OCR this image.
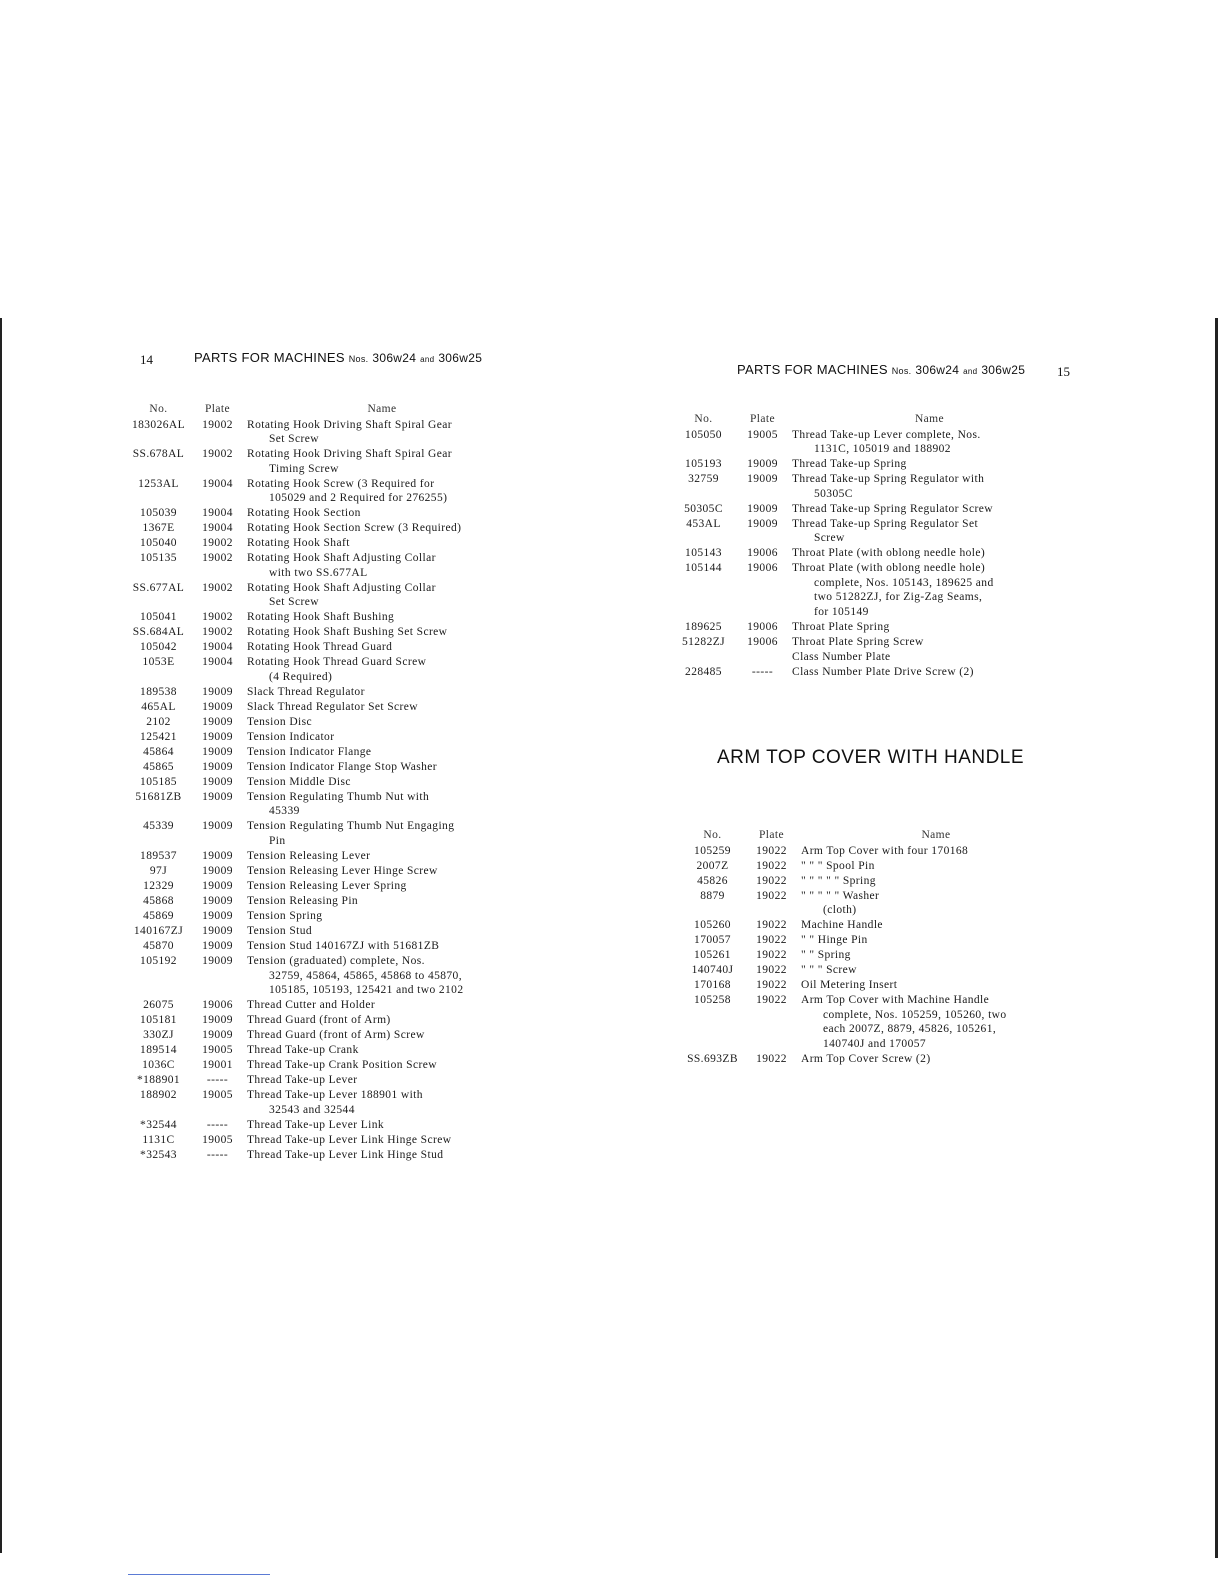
14	PARTS FOR MACHINES Nos. 306w24 and 306w25
No.	Plate	Name
183026AL	19002	Rotating Hook Driving Shaft Spiral Gear
Set Screw
SS.678AL	19002	Rotating Hook Driving Shaft Spiral Gear
Timing Screw
1253AL	19004	Rotating Hook Screw (3 Required for
105029 and 2 Required for 276255)
105039	19004	Rotating Hook Section
1367E	19004	Rotating Hook Section Screw (3 Required)
105040	19002	Rotating Hook Shaft
105135	19002	Rotating Hook Shaft Adjusting Collar
with two SS.677AL
SS.677AL	19002	Rotating Hook Shaft Adjusting Collar
Set Screw
105041	19002	Rotating Hook Shaft Bushing
SS.684AL	19002	Rotating Hook Shaft Bushing Set Screw
105042	19004	Rotating Hook Thread Guard
1053E	19004	Rotating Hook Thread Guard Screw
(4 Required)
189538	19009	Slack Thread Regulator
465AL	19009	Slack Thread Regulator Set Screw
2102	19009	Tension Disc
125421	19009	Tension Indicator
45864	19009	Tension Indicator Flange
45865	19009	Tension Indicator Flange Stop Washer
105185	19009	Tension Middle Disc
51681ZB	19009	Tension Regulating Thumb Nut with
45339
45339	19009	Tension Regulating Thumb Nut Engaging
Pin
189537	19009	Tension Releasing Lever
97J	19009	Tension Releasing Lever Hinge Screw
12329	19009	Tension Releasing Lever Spring
45868	19009	Tension Releasing Pin
45869	19009	Tension Spring
140167ZJ	19009	Tension Stud
45870	19009	Tension Stud 140167ZJ with 51681ZB
105192	19009	Tension (graduated) complete, Nos.
32759, 45864, 45865, 45868 to 45870,
105185, 105193, 125421 and two 2102
26075	19006	Thread Cutter and Holder
105181	19009	Thread Guard (front of Arm)
330ZJ	19009	Thread Guard (front of Arm) Screw
189514	19005	Thread Take-up Crank
1036C	19001	Thread Take-up Crank Position Screw
*188901	-----	Thread Take-up Lever
188902	19005	Thread Take-up Lever 188901 with
32543 and 32544
*32544	-----	Thread Take-up Lever Link
1131C	19005	Thread Take-up Lever Link Hinge Screw
*32543	-----	Thread Take-up Lever Link Hinge Stud
PARTS FOR MACHINES Nos. 306w24 and 306w25 15
No.	Plate	Name
105050	19005	Thread Take-up Lever complete, Nos.
1131C, 105019 and 188902
105193	19009	Thread Take-up Spring
32759	19009	Thread Take-up Spring Regulator with
50305C
50305C	19009	Thread Take-up Spring Regulator Screw
453AL	19009	Thread Take-up Spring Regulator Set
Screw
105143	19006	Throat Plate (with oblong needle hole)
105144	19006	Throat Plate (with oblong needle hole)
complete, Nos. 105143, 189625 and
two 51282ZJ, for Zig-Zag Seams,
for 105149
189625	19006	Throat Plate Spring
51282ZJ	19006	Throat Plate Spring Screw
Class Number Plate
228485	-----	Class Number Plate Drive Screw (2)
ARM TOP COVER WITH HANDLE
No.	Plate	Name
105259	19022	Arm Top Cover with four 170168
2007Z	19022	" " " Spool Pin
45826	19022	" " " " " Spring
8879	19022	" " " " " Washer
(cloth)
105260	19022	Machine Handle
170057	19022	" " Hinge Pin
105261	19022	" " Spring
140740J	19022	" " " Screw
170168	19022	Oil Metering Insert
105258	19022	Arm Top Cover with Machine Handle
complete, Nos. 105259, 105260, two
each 2007Z, 8879, 45826, 105261,
140740J and 170057
SS.693ZB	19022	Arm Top Cover Screw (2)
